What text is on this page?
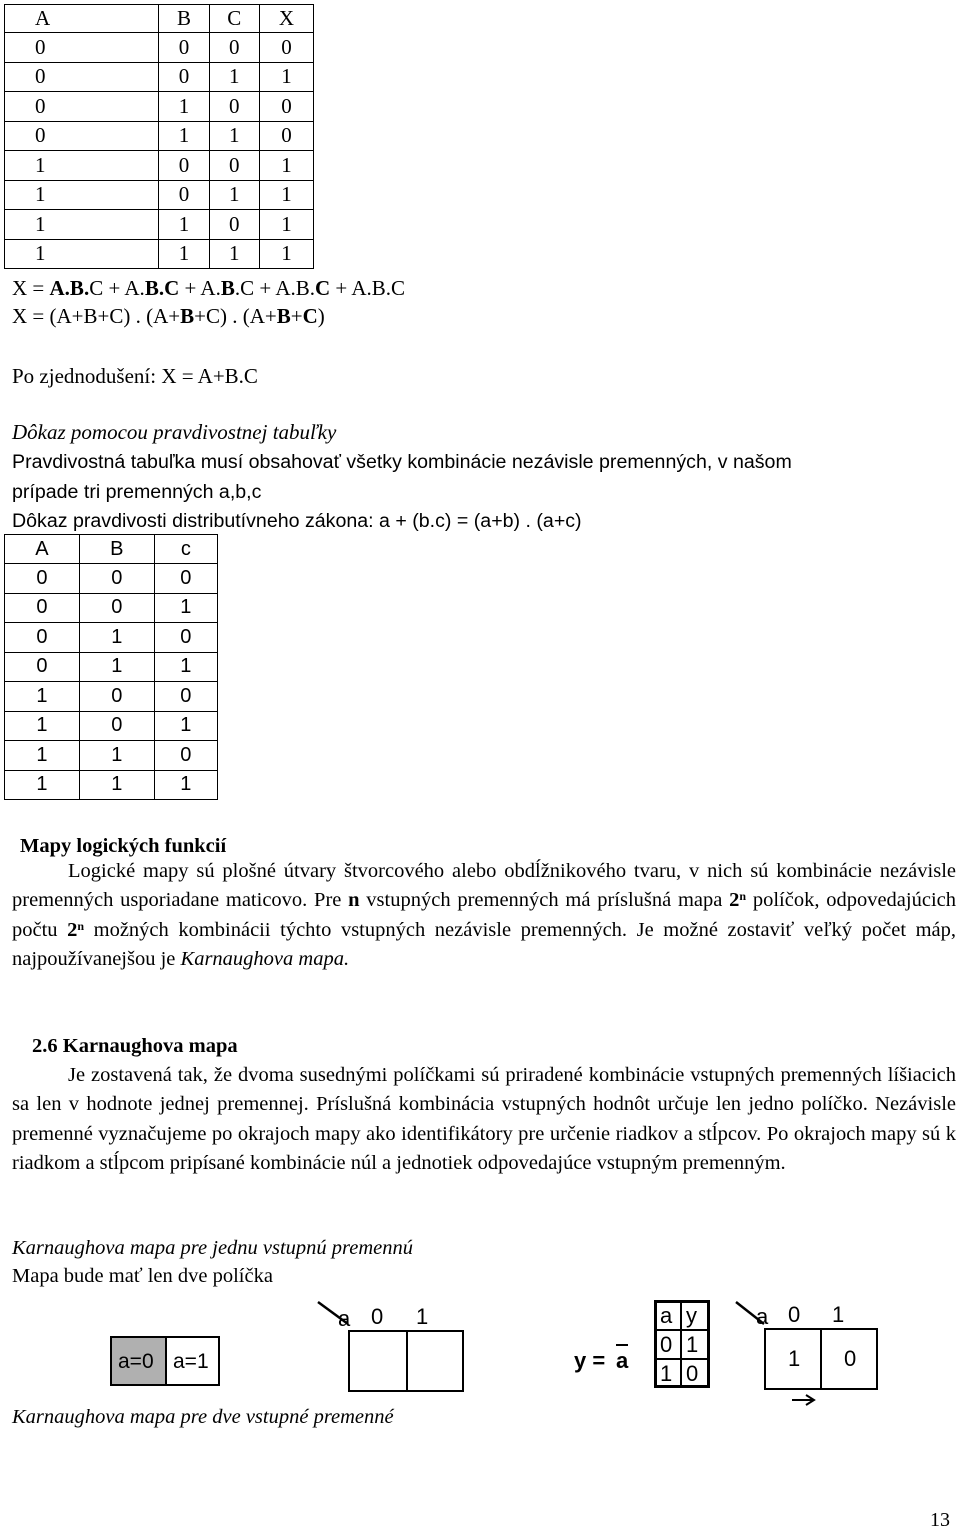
A	B	C	X
0	0	0	0
0	0	1	1
0	1	0	0
0	1	1	0
1	0	0	1
1	0	1	1
1	1	0	1
1	1	1	1
X = A.B.C + A.B.C + A.B.C + A.B.C + A.B.C
X = (A+B+C) . (A+B+C) . (A+B+C)
Po zjednodušení: X = A+B.C
Dôkaz pomocou pravdivostnej tabuľky
Pravdivostná tabuľka musí obsahovať všetky kombinácie nezávisle premenných, v našom
prípade tri premenných a,b,c
Dôkaz pravdivosti distributívneho zákona: a + (b.c) = (a+b) . (a+c)
A	B	c
0	0	0
0	0	1
0	1	0
0	1	1
1	0	0
1	0	1
1	1	0
1	1	1
Mapy logických funkcií
Logické mapy sú plošné útvary štvorcového alebo obdĺžnikového tvaru, v nich sú kombinácie nezávisle premenných usporiadane maticovo. Pre n vstupných premenných má príslušná mapa 2$^n$ políčok, odpovedajúcich počtu 2$^n$ možných kombinácii týchto vstupných nezávisle premenných. Je možné zostaviť veľký počet máp, najpoužívanejšou je Karnaughova mapa.
2.6 Karnaughova mapa
Je zostavená tak, že dvoma susednými políčkami sú priradené kombinácie vstupných premenných líšiacich sa len v hodnote jednej premennej. Príslušná kombinácia vstupných hodnôt určuje len jedno políčko. Nezávisle premenné vyznačujeme po okrajoch mapy ako identifikátory pre určenie riadkov a stĺpcov. Po okrajoch mapy sú k riadkom a stĺpcom pripísané kombinácie núl a jednotiek odpovedajúce vstupným premenným.
Karnaughova mapa pre jednu vstupnú premennú
Mapa bude mať len dve políčka
a=0 a=1
a 0 1
y = a
a y
0 1
1 0
a 0 1
1 0
Karnaughova mapa pre dve vstupné premenné
13
